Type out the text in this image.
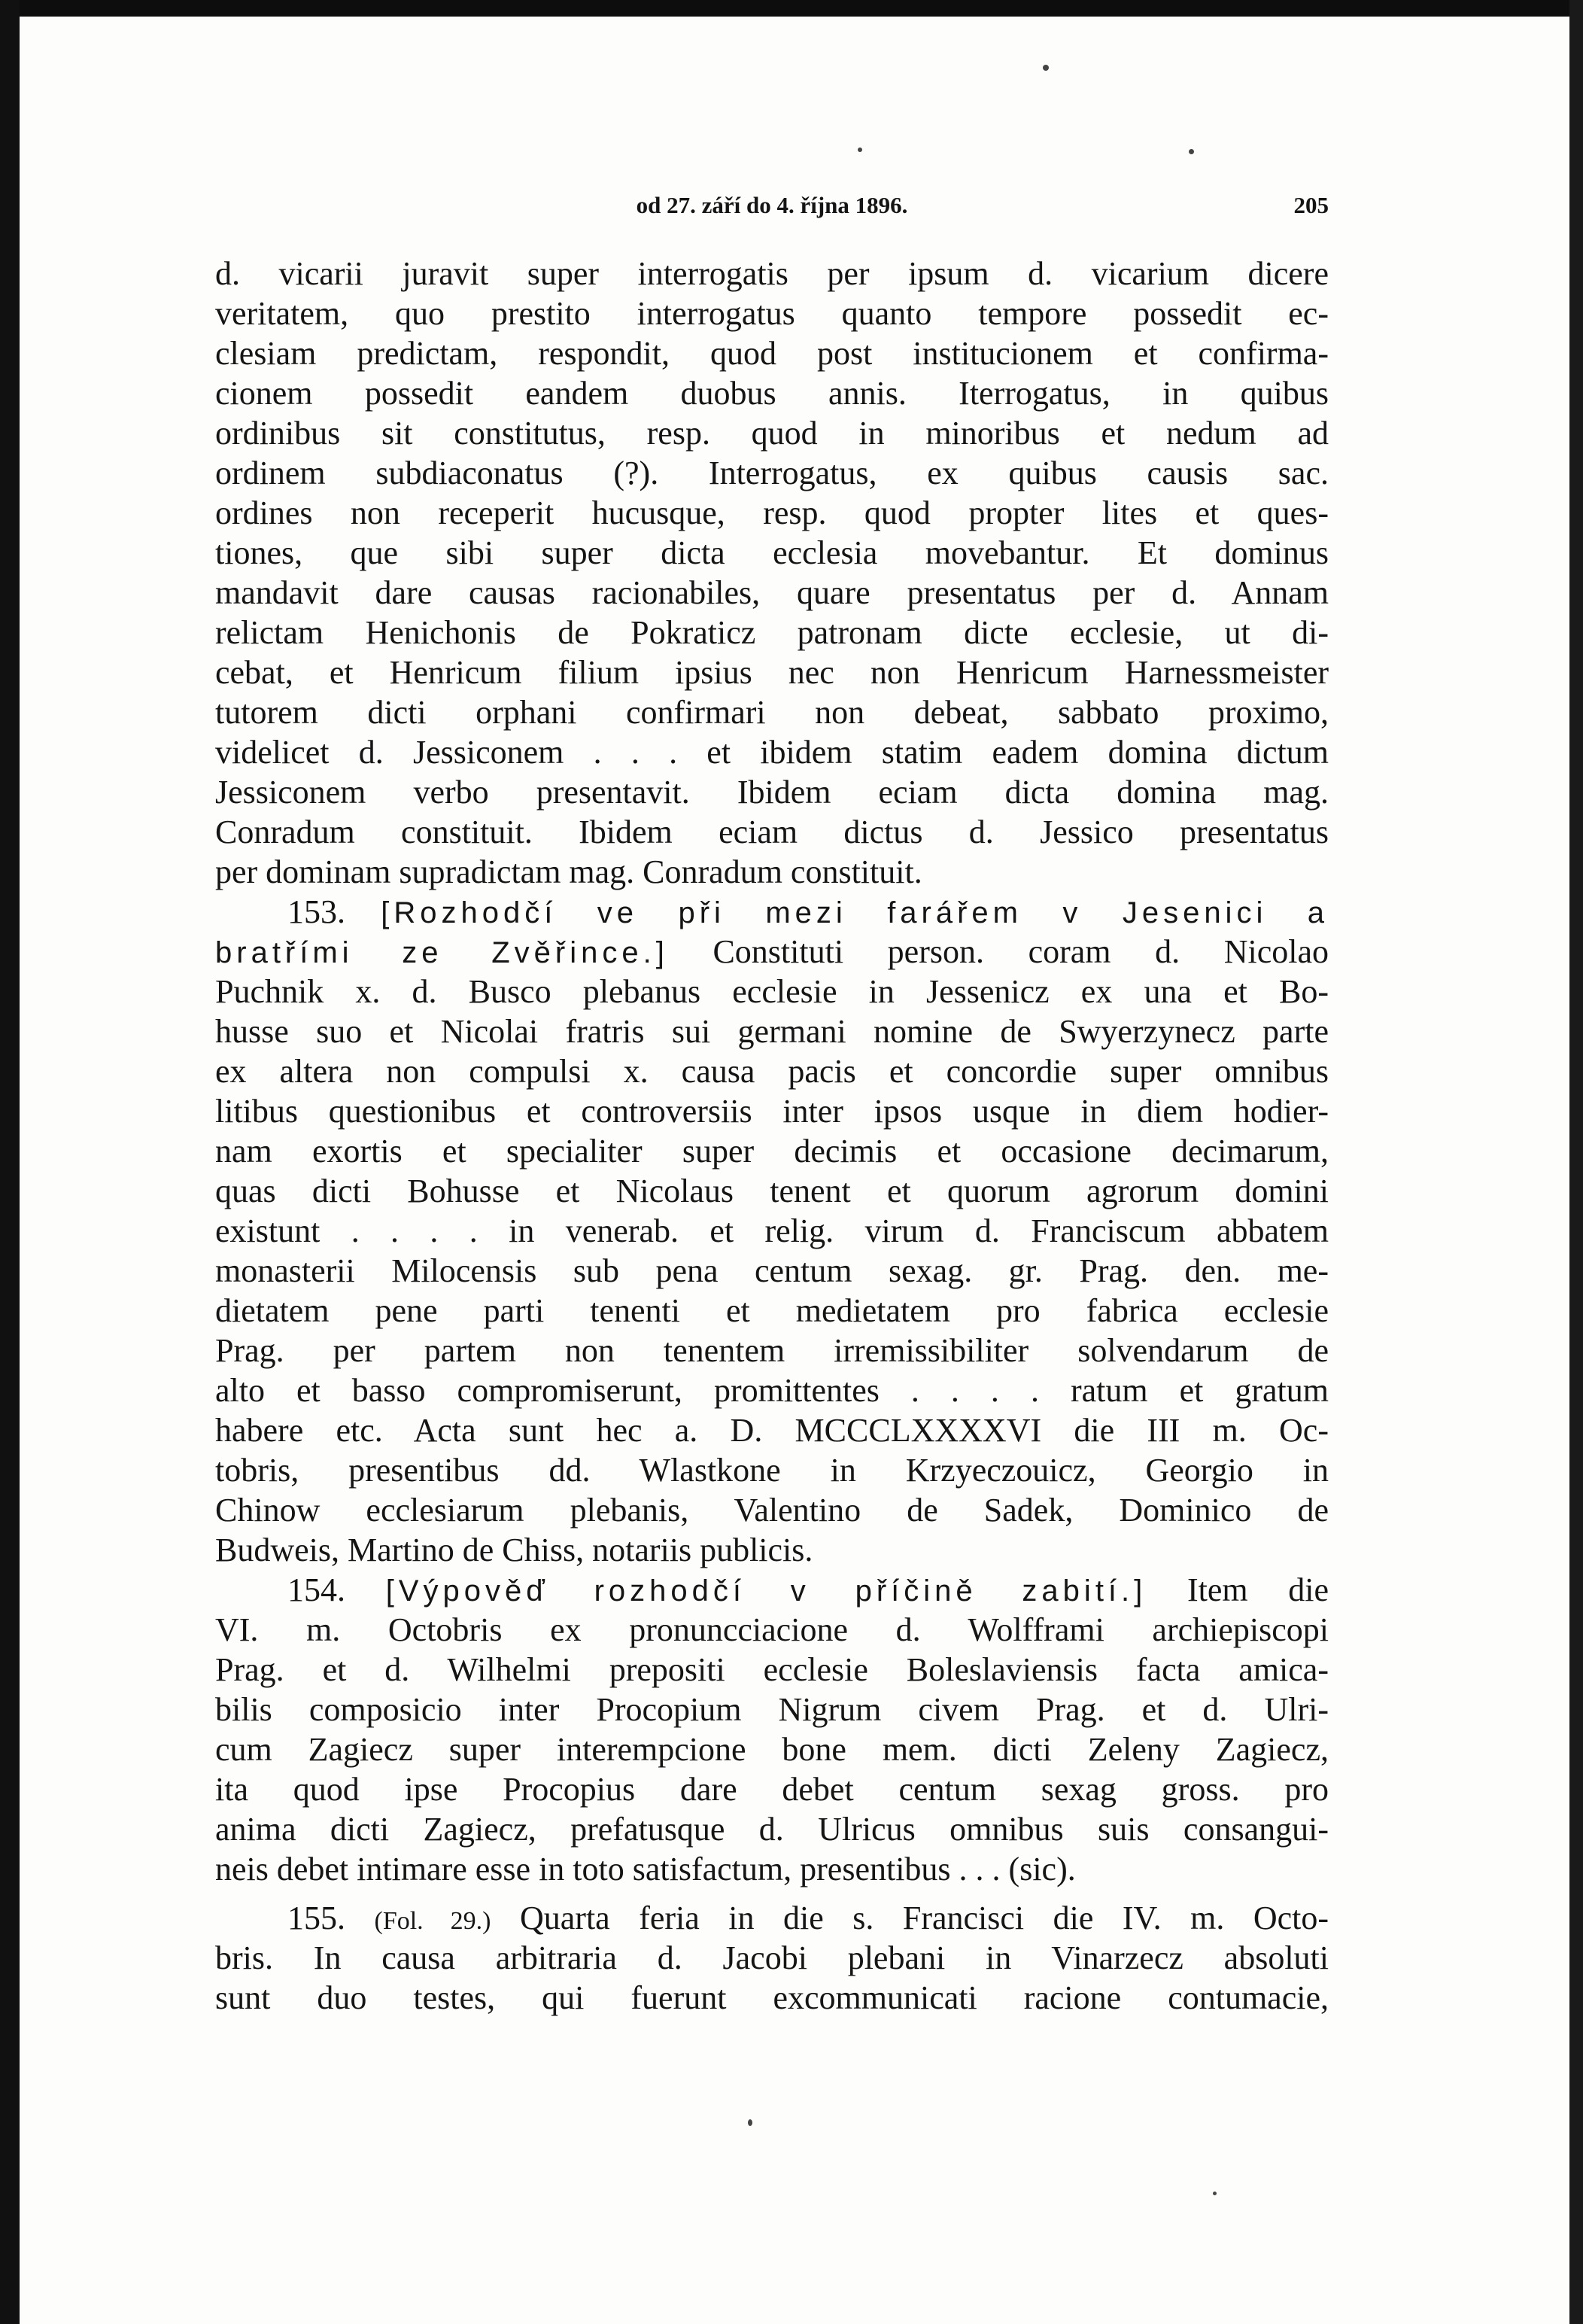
od 27. září do 4. října 1896.	205
d. vicarii juravit super interrogatis per ipsum d. vicarium dicere
veritatem, quo prestito interrogatus quanto tempore possedit ec-
clesiam predictam, respondit, quod post institucionem et confirma-
cionem possedit eandem duobus annis. Iterrogatus, in quibus
ordinibus sit constitutus, resp. quod in minoribus et nedum ad
ordinem subdiaconatus (?). Interrogatus, ex quibus causis sac.
ordines non receperit hucusque, resp. quod propter lites et ques-
tiones, que sibi super dicta ecclesia movebantur. Et dominus
mandavit dare causas racionabiles, quare presentatus per d. Annam
relictam Henichonis de Pokraticz patronam dicte ecclesie, ut di-
cebat, et Henricum filium ipsius nec non Henricum Harnessmeister
tutorem dicti orphani confirmari non debeat, sabbato proximo,
videlicet d. Jessiconem . . . et ibidem statim eadem domina dictum
Jessiconem verbo presentavit. Ibidem eciam dicta domina mag.
Conradum constituit. Ibidem eciam dictus d. Jessico presentatus
per dominam supradictam mag. Conradum constituit.
153. [Rozhodčí ve při mezi farářem v Jesenici a
bratřími ze Zvěřince.] Constituti person. coram d. Nicolao
Puchnik x. d. Busco plebanus ecclesie in Jessenicz ex una et Bo-
husse suo et Nicolai fratris sui germani nomine de Swyerzynecz parte
ex altera non compulsi x. causa pacis et concordie super omnibus
litibus questionibus et controversiis inter ipsos usque in diem hodier-
nam exortis et specialiter super decimis et occasione decimarum,
quas dicti Bohusse et Nicolaus tenent et quorum agrorum domini
existunt . . . . in venerab. et relig. virum d. Franciscum abbatem
monasterii Milocensis sub pena centum sexag. gr. Prag. den. me-
dietatem pene parti tenenti et medietatem pro fabrica ecclesie
Prag. per partem non tenentem irremissibiliter solvendarum de
alto et basso compromiserunt, promittentes . . . . ratum et gratum
habere etc. Acta sunt hec a. D. MCCCLXXXXVI die III m. Oc-
tobris, presentibus dd. Wlastkone in Krzyeczouicz, Georgio in
Chinow ecclesiarum plebanis, Valentino de Sadek, Dominico de
Budweis, Martino de Chiss, notariis publicis.
154. [Výpověď rozhodčí v příčině zabití.] Item die
VI. m. Octobris ex pronuncciacione d. Wolfframi archiepiscopi
Prag. et d. Wilhelmi prepositi ecclesie Boleslaviensis facta amica-
bilis composicio inter Procopium Nigrum civem Prag. et d. Ulri-
cum Zagiecz super interempcione bone mem. dicti Zeleny Zagiecz,
ita quod ipse Procopius dare debet centum sexag gross. pro
anima dicti Zagiecz, prefatusque d. Ulricus omnibus suis consangui-
neis debet intimare esse in toto satisfactum, presentibus . . . (sic).
155. (Fol. 29.) Quarta feria in die s. Francisci die IV. m. Octo-
bris. In causa arbitraria d. Jacobi plebani in Vinarzecz absoluti
sunt duo testes, qui fuerunt excommunicati racione contumacie,
